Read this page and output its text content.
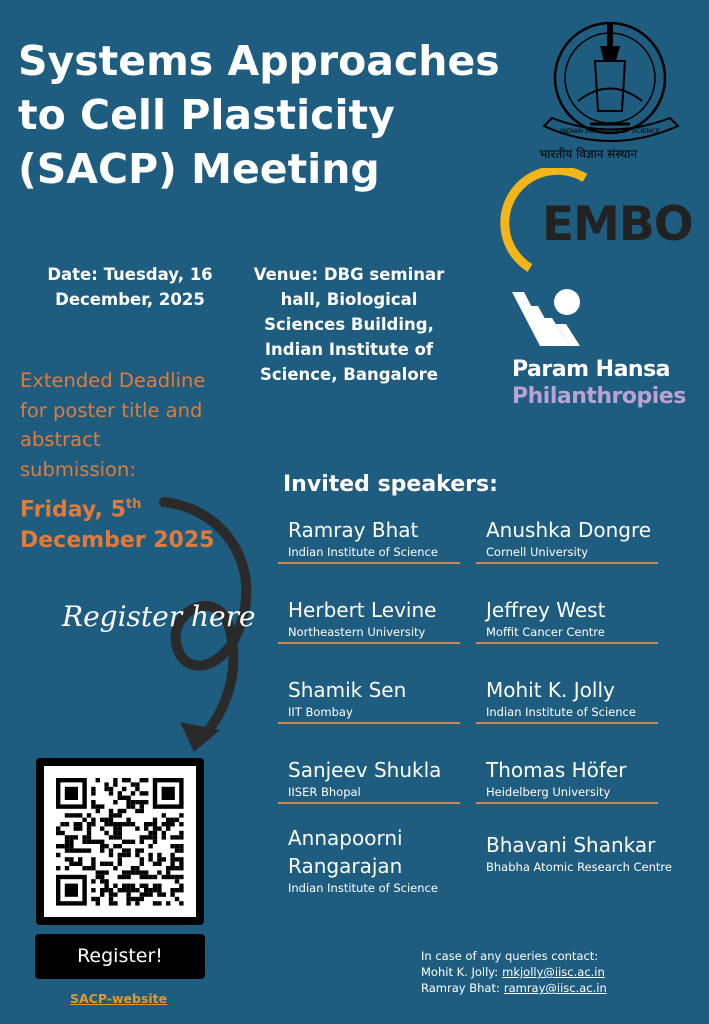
Systems Approaches
to Cell Plasticity
(SACP) Meeting
INDIAN INSTITUTE OF SCIENCE
भारतीय विज्ञान संस्थान
EMBO
Param Hansa
Philanthropies
Date: Tuesday, 16
December, 2025
Venue: DBG seminar
hall, Biological
Sciences Building,
Indian Institute of
Science, Bangalore
Extended Deadline
for poster title and
abstract
submission:
Friday, 5th
December 2025
Register here
Invited speakers:
Ramray Bhat
Indian Institute of Science
Anushka Dongre
Cornell University
Herbert Levine
Northeastern University
Jeffrey West
Moffit Cancer Centre
Shamik Sen
IIT Bombay
Mohit K. Jolly
Indian Institute of Science
Sanjeev Shukla
IISER Bhopal
Thomas Höfer
Heidelberg University
Annapoorni
Rangarajan
Indian Institute of Science
Bhavani Shankar
Bhabha Atomic Research Centre
Register!
SACP-website
In case of any queries contact:
Mohit K. Jolly: mkjolly@iisc.ac.in
Ramray Bhat: ramray@iisc.ac.in
